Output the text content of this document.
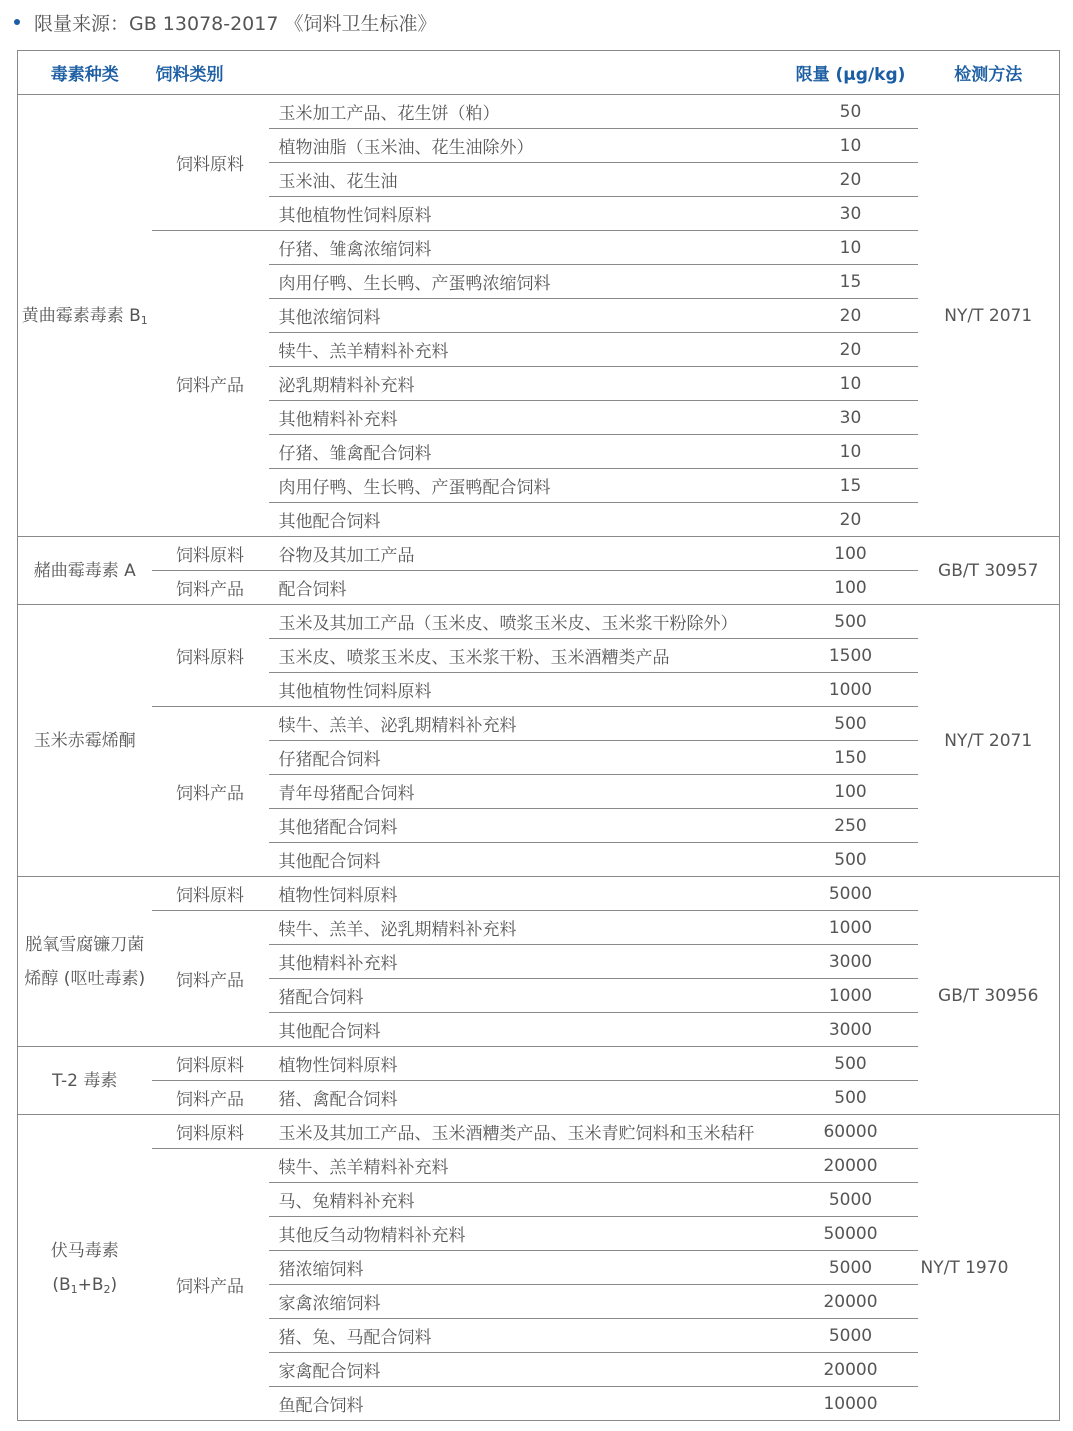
限量来源：GB 13078-2017 《饲料卫生标准》
毒素种类	饲料类别		限量 (μg/kg)	检测方法
黄曲霉素毒素 $B_1$	饲料原料	玉米加工产品、花生饼（粕）	50	NY/T 2071
		植物油脂（玉米油、花生油除外）	10	
		玉米油、花生油	20	
		其他植物性饲料原料	30	
	饲料产品	仔猪、雏禽浓缩饲料	10	
		肉用仔鸭、生长鸭、产蛋鸭浓缩饲料	15	
		其他浓缩饲料	20	
		犊牛、羔羊精料补充料	20	
		泌乳期精料补充料	10	
		其他精料补充料	30	
		仔猪、雏禽配合饲料	10	
		肉用仔鸭、生长鸭、产蛋鸭配合饲料	15	
		其他配合饲料	20	
赭曲霉毒素 A	饲料原料	谷物及其加工产品	100	GB/T 30957
	饲料产品	配合饲料	100	
玉米赤霉烯酮	饲料原料	玉米及其加工产品（玉米皮、喷浆玉米皮、玉米浆干粉除外）	500	NY/T 2071
		玉米皮、喷浆玉米皮、玉米浆干粉、玉米酒糟类产品	1500	
		其他植物性饲料原料	1000	
	饲料产品	犊牛、羔羊、泌乳期精料补充料	500	
		仔猪配合饲料	150	
		青年母猪配合饲料	100	
		其他猪配合饲料	250	
		其他配合饲料	500	
脱氧雪腐镰刀菌
烯醇 (呕吐毒素)	饲料原料	植物性饲料原料	5000	GB/T 30956
	饲料产品	犊牛、羔羊、泌乳期精料补充料	1000	
		其他精料补充料	3000	
		猪配合饲料	1000	
		其他配合饲料	3000	
T-2 毒素	饲料原料	植物性饲料原料	500	
	饲料产品	猪、禽配合饲料	500	
伏马毒素
$(B_1+B_2)$	饲料原料	玉米及其加工产品、玉米酒糟类产品、玉米青贮饲料和玉米秸秆	60000	NY/T 1970
	饲料产品	犊牛、羔羊精料补充料	20000	
		马、兔精料补充料	5000	
		其他反刍动物精料补充料	50000	
		猪浓缩饲料	5000	
		家禽浓缩饲料	20000	
		猪、兔、马配合饲料	5000	
		家禽配合饲料	20000	
		鱼配合饲料	10000	
